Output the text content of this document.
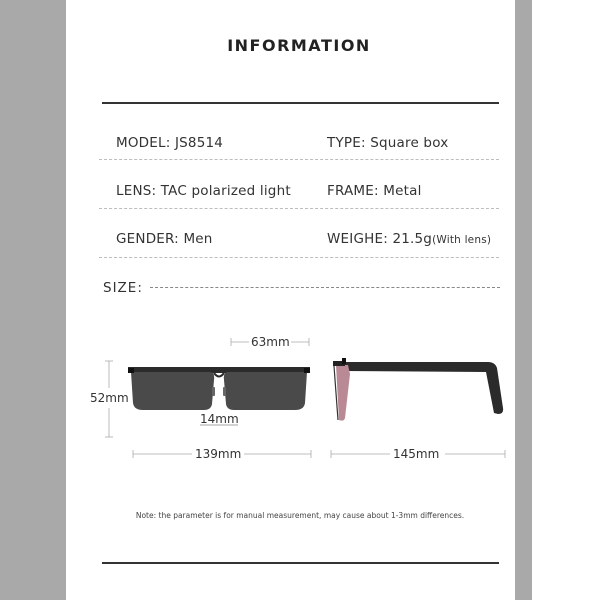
INFORMATION
MODEL: JS8514	TYPE: Square box
LENS: TAC polarized light	FRAME: Metal
GENDER: Men	WEIGHE: 21.5g(With lens)
SIZE:
63mm
52mm
14mm
139mm	145mm
Note: the parameter is for manual measurement, may cause about 1-3mm differences.
